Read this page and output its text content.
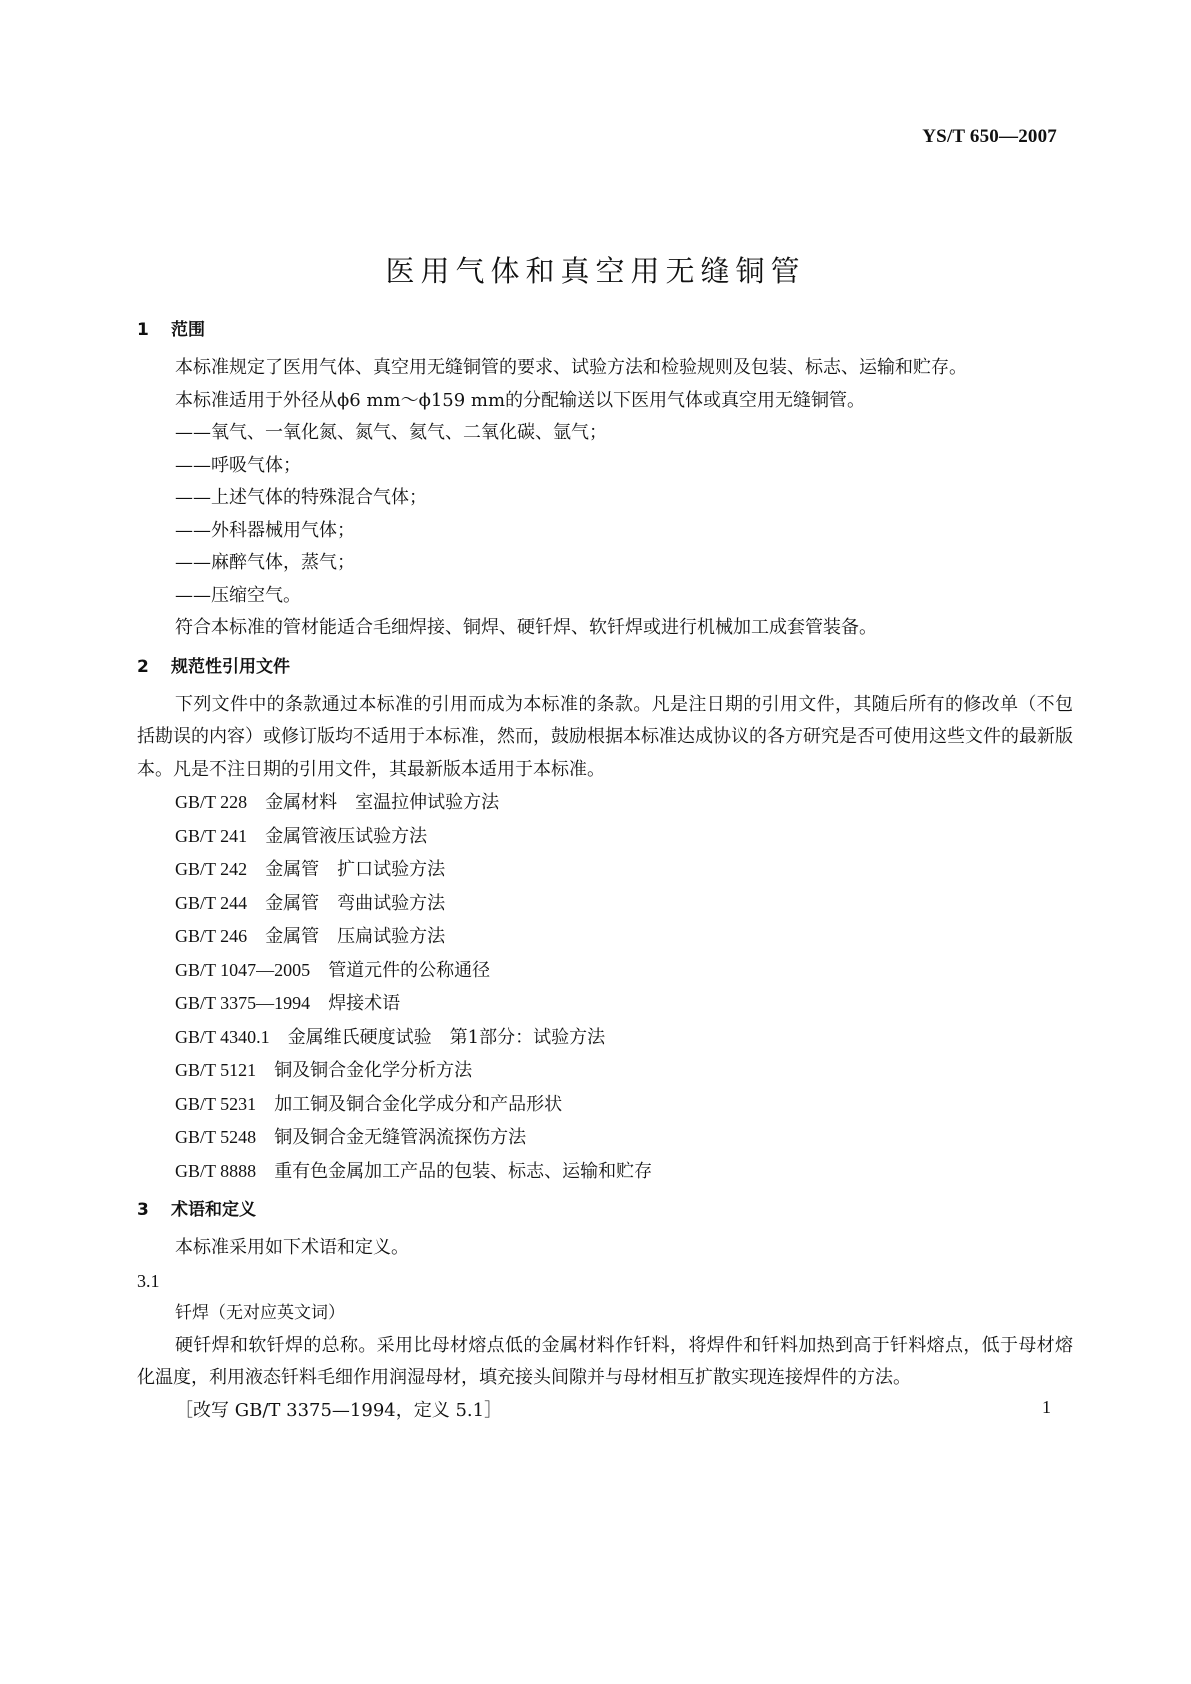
YS/T 650—2007
医用气体和真空用无缝铜管
1 范围

本标准规定了医用气体、真空用无缝铜管的要求、试验方法和检验规则及包装、标志、运输和贮存。

本标准适用于外径从ϕ6 mm～ϕ159 mm的分配输送以下医用气体或真空用无缝铜管。

——氧气、一氧化氮、氮气、氦气、二氧化碳、氩气；

——呼吸气体；

——上述气体的特殊混合气体；

——外科器械用气体；

——麻醉气体，蒸气；

——压缩空气。

符合本标准的管材能适合毛细焊接、铜焊、硬钎焊、软钎焊或进行机械加工成套管装备。

2 规范性引用文件

下列文件中的条款通过本标准的引用而成为本标准的条款。凡是注日期的引用文件，其随后所有的修改单（不包括勘误的内容）或修订版均不适用于本标准，然而，鼓励根据本标准达成协议的各方研究是否可使用这些文件的最新版本。凡是不注日期的引用文件，其最新版本适用于本标准。

GB/T 228　 金属材料　室温拉伸试验方法
GB/T 241　 金属管液压试验方法
GB/T 242　 金属管　扩口试验方法
GB/T 244　 金属管　弯曲试验方法
GB/T 246　 金属管　压扁试验方法
GB/T 1047—2005　 管道元件的公称通径
GB/T 3375—1994　 焊接术语
GB/T 4340.1　 金属维氏硬度试验　第1部分：试验方法
GB/T 5121　 铜及铜合金化学分析方法
GB/T 5231　 加工铜及铜合金化学成分和产品形状
GB/T 5248　 铜及铜合金无缝管涡流探伤方法
GB/T 8888　 重有色金属加工产品的包装、标志、运输和贮存
3 术语和定义

本标准采用如下术语和定义。

3.1

钎焊（无对应英文词）

硬钎焊和软钎焊的总称。采用比母材熔点低的金属材料作钎料，将焊件和钎料加热到高于钎料熔点，低于母材熔化温度，利用液态钎料毛细作用润湿母材，填充接头间隙并与母材相互扩散实现连接焊件的方法。

［改写 GB/T 3375—1994，定义 5.1］	1
